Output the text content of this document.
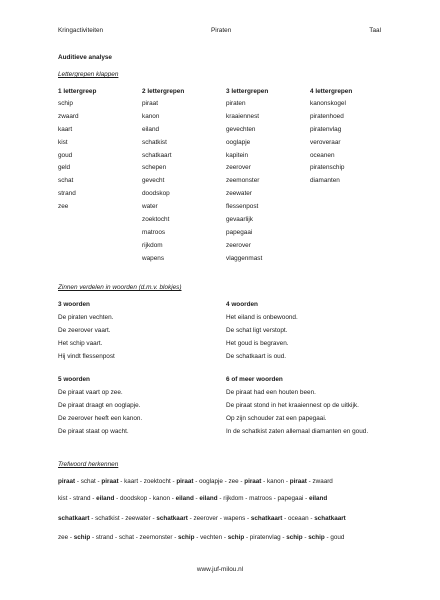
Kringactiviteiten	Piraten	Taal
Auditieve analyse
Lettergrepen klappen
1 lettergreep
schip
zwaard
kaart
kist
goud
geld
schat
strand
zee
2 lettergrepen
piraat
kanon
eiland
schatkist
schatkaart
schepen
gevecht
doodskop
water
zoektocht
matroos
rijkdom
wapens
3 lettergrepen
piraten
kraaiennest
gevechten
ooglapje
kapitein
zeerover
zeemonster
zeewater
flessenpost
gevaarlijk
papegaai
zeerover
vlaggenmast
4 lettergrepen
kanonskogel
piratenhoed
piratenvlag
veroveraar
oceanen
piratenschip
diamanten
Zinnen verdelen in woorden (d.m.v. blokjes)
3 woorden
De piraten vechten.
De zeerover vaart.
Het schip vaart.
Hij vindt flessenpost
4 woorden
Het eiland is onbewoond.
De schat ligt verstopt.
Het goud is begraven.
De schatkaart is oud.
5 woorden
De piraat vaart op zee.
De piraat draagt en ooglapje.
De zeerover heeft een kanon.
De piraat staat op wacht.
6 of meer woorden
De piraat had een houten been.
De piraat stond in het kraaiennest op de uitkijk.
Op zijn schouder zat een papegaai.
In de schatkist zaten allemaal diamanten en goud.
Trefwoord herkennen
piraat - schat - piraat - kaart - zoektocht - piraat - ooglapje - zee - piraat - kanon - piraat - zwaard
kist - strand - eiland - doodskop - kanon - eiland - eiland - rijkdom - matroos - papegaai - eiland
schatkaart - schatkist - zeewater - schatkaart - zeerover - wapens - schatkaart - oceaan - schatkaart
zee - schip - strand - schat - zeemonster - schip - vechten - schip - piratenvlag - schip - schip - goud
www.juf-milou.nl
